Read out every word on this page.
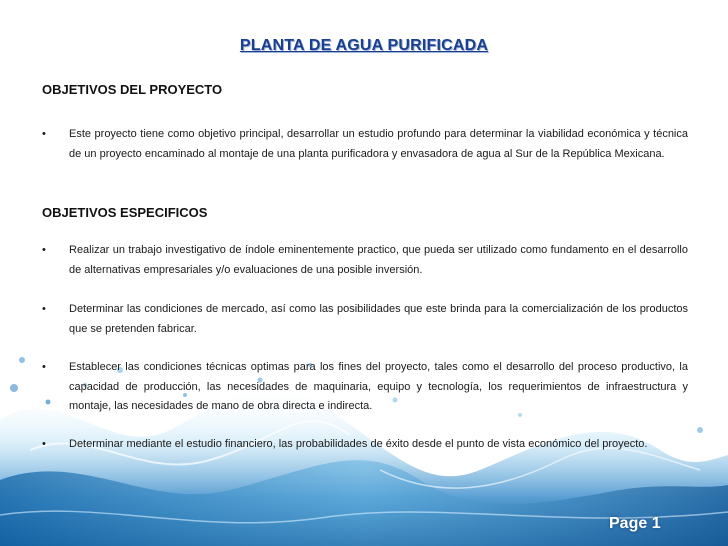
PLANTA DE AGUA PURIFICADA
OBJETIVOS DEL PROYECTO
• Este proyecto tiene como objetivo principal, desarrollar un estudio profundo para determinar la viabilidad económica y técnica de un proyecto encaminado al montaje de una planta purificadora y envasadora de agua al Sur de la República Mexicana.
OBJETIVOS ESPECIFICOS
• Realizar un trabajo investigativo de índole eminentemente practico, que pueda ser utilizado como fundamento en el desarrollo de alternativas empresariales y/o evaluaciones de una posible inversión.
• Determinar las condiciones de mercado, así como las posibilidades que este brinda para la comercialización de los productos que se pretenden fabricar.
• Establecer las condiciones técnicas optimas para los fines del proyecto, tales como el desarrollo del proceso productivo, la capacidad de producción, las necesidades de maquinaria, equipo y tecnología, los requerimientos de infraestructura y montaje, las necesidades de mano de obra directa e indirecta.
• Determinar mediante el estudio financiero, las probabilidades de éxito desde el punto de vista económico del proyecto.
Page 1
